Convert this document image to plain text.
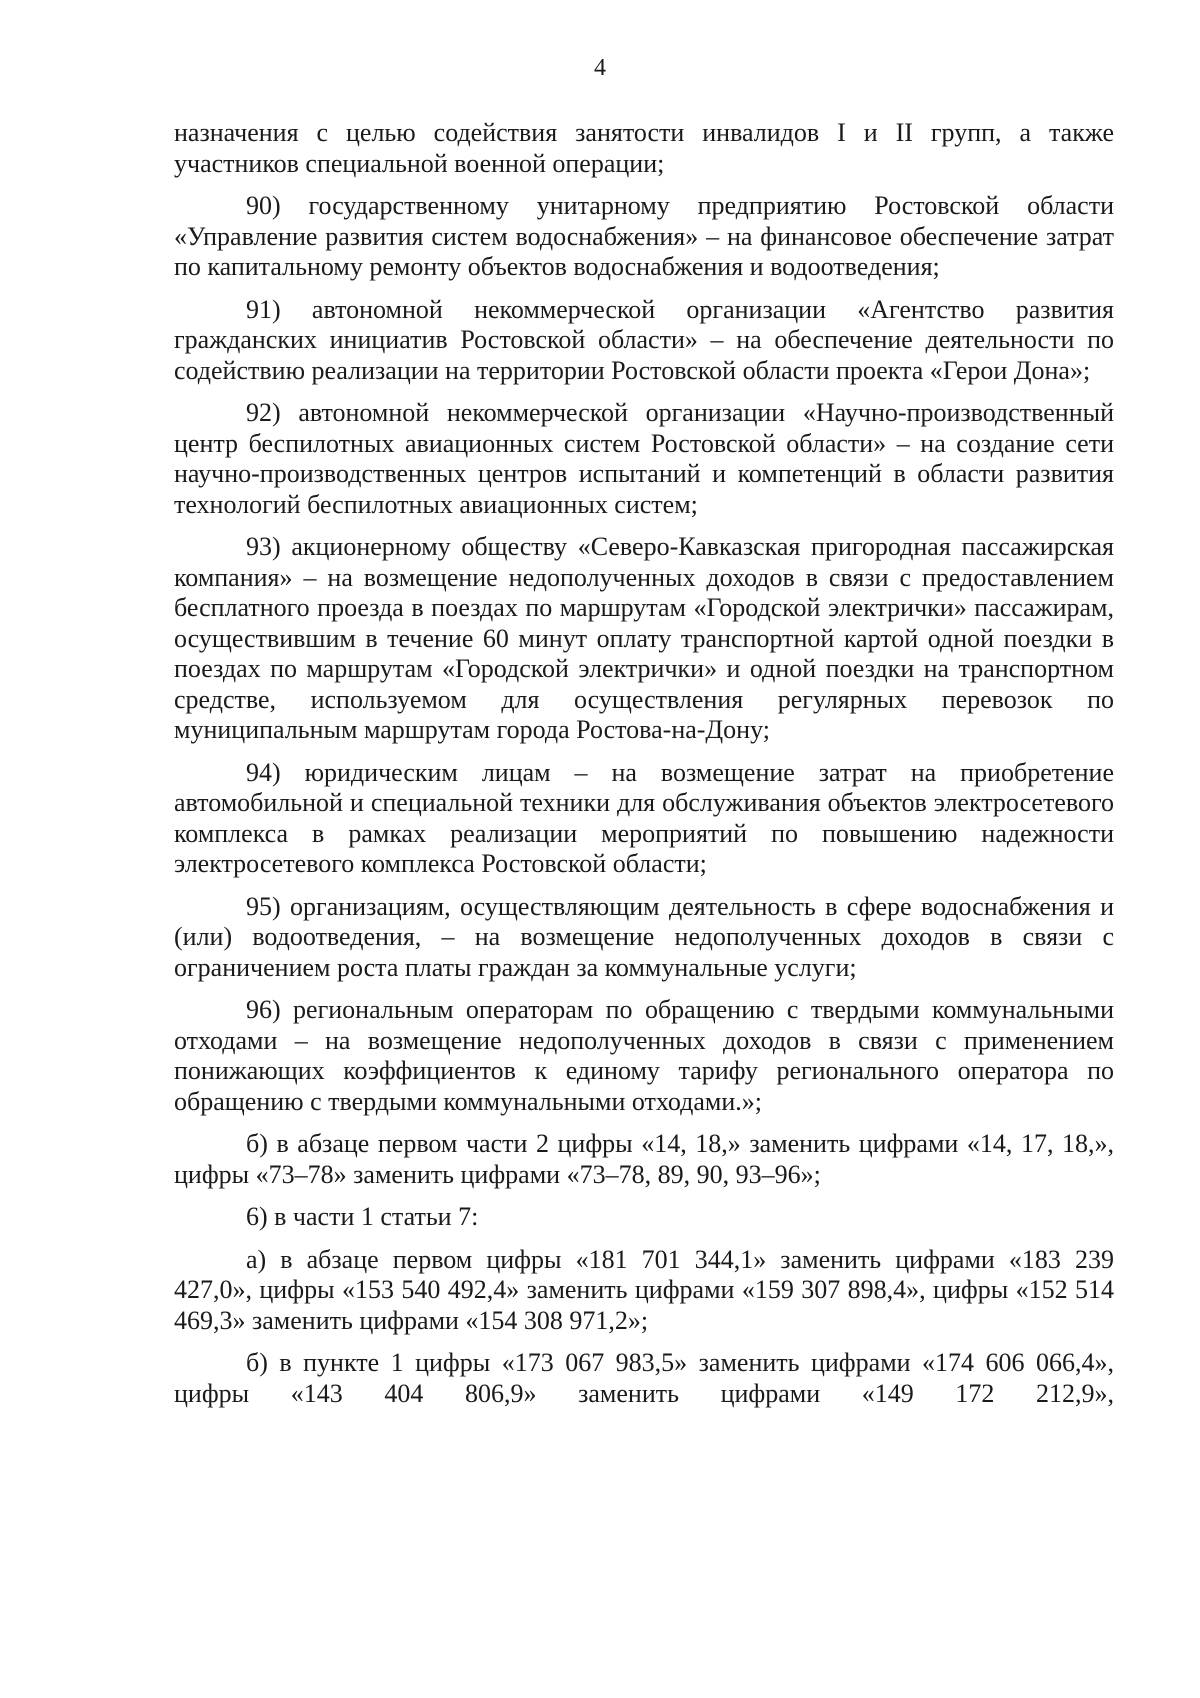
4

назначения с целью содействия занятости инвалидов I и II групп, а также участников специальной военной операции;

90) государственному унитарному предприятию Ростовской области «Управление развития систем водоснабжения» – на финансовое обеспечение затрат по капитальному ремонту объектов водоснабжения и водоотведения;

91) автономной некоммерческой организации «Агентство развития гражданских инициатив Ростовской области» – на обеспечение деятельности по содействию реализации на территории Ростовской области проекта «Герои Дона»;

92) автономной некоммерческой организации «Научно-производственный центр беспилотных авиационных систем Ростовской области» – на создание сети научно-производственных центров испытаний и компетенций в области развития технологий беспилотных авиационных систем;

93) акционерному обществу «Северо-Кавказская пригородная пассажирская компания» – на возмещение недополученных доходов в связи с предоставлением бесплатного проезда в поездах по маршрутам «Городской электрички» пассажирам, осуществившим в течение 60 минут оплату транспортной картой одной поездки в поездах по маршрутам «Городской электрички» и одной поездки на транспортном средстве, используемом для осуществления регулярных перевозок по муниципальным маршрутам города Ростова-на-Дону;

94) юридическим лицам – на возмещение затрат на приобретение автомобильной и специальной техники для обслуживания объектов электросетевого комплекса в рамках реализации мероприятий по повышению надежности электросетевого комплекса Ростовской области;

95) организациям, осуществляющим деятельность в сфере водоснабжения и (или) водоотведения, – на возмещение недополученных доходов в связи с ограничением роста платы граждан за коммунальные услуги;

96) региональным операторам по обращению с твердыми коммунальными отходами – на возмещение недополученных доходов в связи с применением понижающих коэффициентов к единому тарифу регионального оператора по обращению с твердыми коммунальными отходами.»;

б) в абзаце первом части 2 цифры «14, 18,» заменить цифрами «14, 17, 18,», цифры «73–78» заменить цифрами «73–78, 89, 90, 93–96»;

6) в части 1 статьи 7:

а) в абзаце первом цифры «181 701 344,1» заменить цифрами «183 239 427,0», цифры «153 540 492,4» заменить цифрами «159 307 898,4», цифры «152 514 469,3» заменить цифрами «154 308 971,2»;

б) в пункте 1 цифры «173 067 983,5» заменить цифрами «174 606 066,4», цифры «143 404 806,9» заменить цифрами «149 172 212,9»,
